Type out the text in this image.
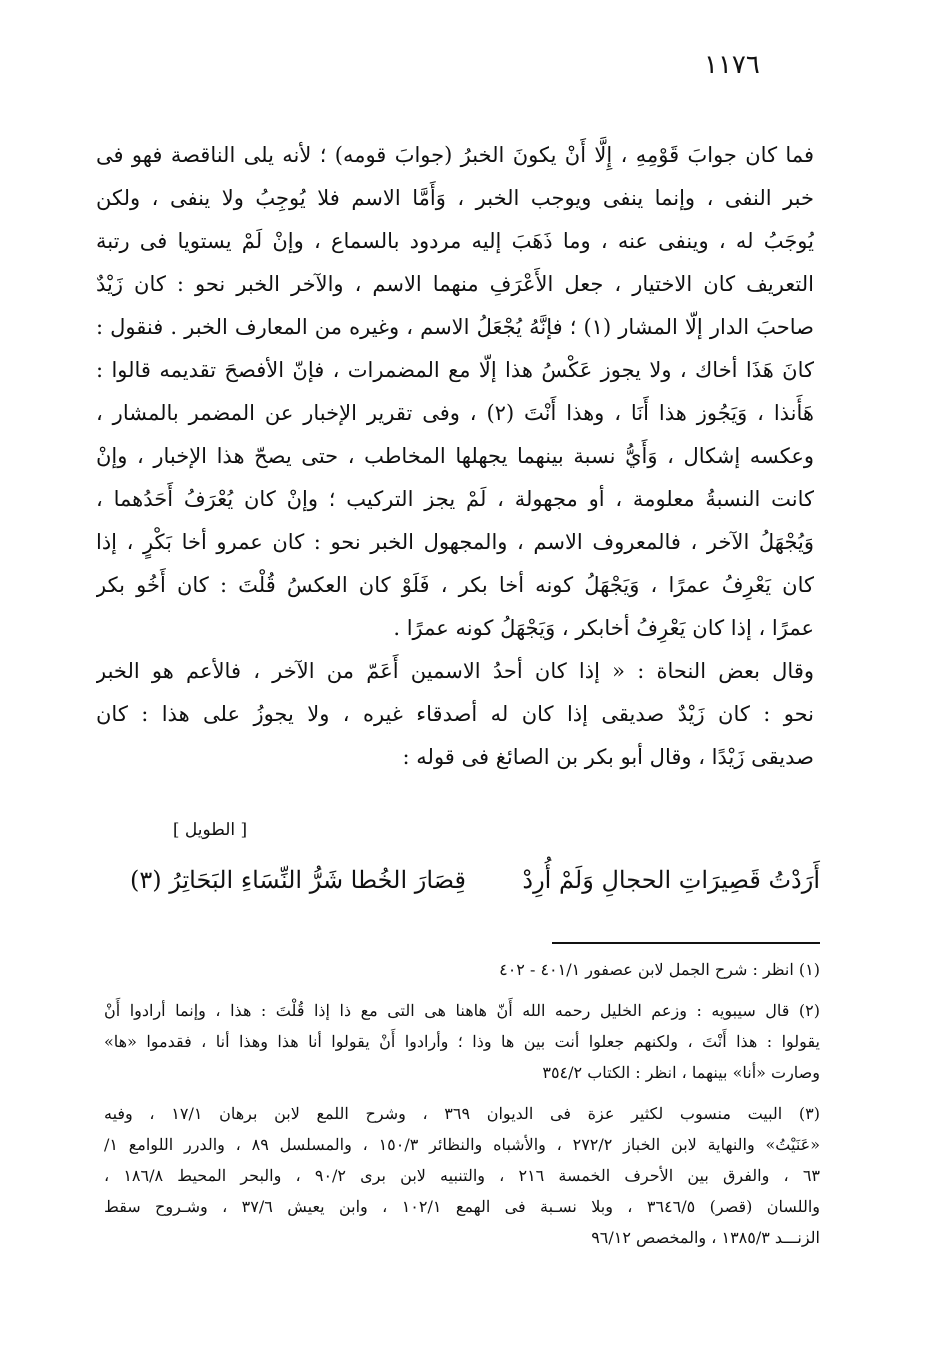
١١٧٦
فما كان جوابَ قَوْمِهِ ، إِلَّا أَنْ يكونَ الخبرُ (جوابَ قومه) ؛ لأنه يلى الناقصة فهو فى
خبر النفى ، وإنما ينفى ويوجب الخبر ، وَأَمَّا الاسم فلا يُوجِبُ ولا ينفى ، ولكن
يُوجَبُ له ، وينفى عنه ، وما ذَهَبَ إليه مردود بالسماع ، وإنْ لَمْ يستويا فى رتبة
التعريف كان الاختيار ، جعل الأَعْرَفِ منهما الاسم ، والآخر الخبر نحو : كان زَيْدٌ
صاحبَ الدار إلّا المشار (١) ؛ فإنَّهُ يُجْعَلُ الاسم ، وغيره من المعارف الخبر . فنقول :
كانَ هَذَا أخاك ، ولا يجوز عَكْسُ هذا إلّا مع المضمرات ، فإنّ الأفصحَ تقديمه قالوا :
هَأَنذا ، وَيَجُوز هذا أَنَا ، وهذا أَنْتَ (٢) ، وفى تقرير الإخبار عن المضمر بالمشار ،
وعكسه إشكال ، وَأَيُّ نسبة بينهما يجهلها المخاطب ، حتى يصحّ هذا الإخبار ، وإنْ
كانت النسبةُ معلومة ، أو مجهولة ، لَمْ يجز التركيب ؛ وإنْ كان يُعْرَفُ أَحَدُهما ،
وَيُجْهَلُ الآخر ، فالمعروف الاسم ، والمجهول الخبر نحو : كان عمرو أخا بَكْرٍ ، إذا
كان يَعْرِفُ عمرًا ، وَيَجْهَلُ كونه أخا بكر ، فَلَوْ كان العكسُ قُلْتَ : كان أَخُو بكر
عمرًا ، إذا كان يَعْرِفُ أخابكر ، وَيَجْهَلُ كونه عمرًا .
وقال بعض النحاة : « إذا كان أحدُ الاسمين أَعَمّ من الآخر ، فالأعم هو الخبر
نحو : كان زَيْدٌ صديقى إذا كان له أصدقاء غيره ، ولا يجوزُ على هذا : كان
صديقى زَيْدًا ، وقال أبو بكر بن الصائغ فى قوله :
[ الطويل ]
أَرَدْتُ قَصِيرَاتِ الحجالِ وَلَمْ أُرِدْ
قِصَارَ الخُطا شَرُّ النِّسَاءِ البَحَاتِرُ (٣)
(١) انظر : شرح الجمل لابن عصفور ٤٠١/١ - ٤٠٢
(٢) قال سيبويه : وزعم الخليل رحمه الله أَنّ هاهنا هى التى مع ذا إذا قُلْتَ : هذا ، وإنما أرادوا أَنْ
يقولوا : هذا أَنْتَ ، ولكنهم جعلوا أنت بين ها وذا ؛ وأرادوا أَنْ يقولوا أنا هذا وهذا أنا ، فقدموا «ها»
وصارت «أنا» بينهما ، انظر : الكتاب ٣٥٤/٢
(٣) البيت منسوب لكثير عزة فى الديوان ٣٦٩ ، وشرح اللمع لابن برهان ١٧/١ ، وفيه
«عَنَيْتُ» والنهاية لابن الخباز ٢٧٢/٢ ، والأشباه والنظائر ١٥٠/٣ ، والمسلسل ٨٩ ، والدرر اللوامع ١/
٦٣ ، والفرق بين الأحرف الخمسة ٢١٦ ، والتنبيه لابن برى ٩٠/٢ ، والبحر المحيط ١٨٦/٨ ،
واللسان (قصر) ٣٦٤٦/٥ ، وبلا نسـبة فى الهمع ١٠٢/١ ، وابن يعيش ٣٧/٦ ، وشـروح سقط
الزنـــد ١٣٨٥/٣ ، والمخصص ٩٦/١٢
